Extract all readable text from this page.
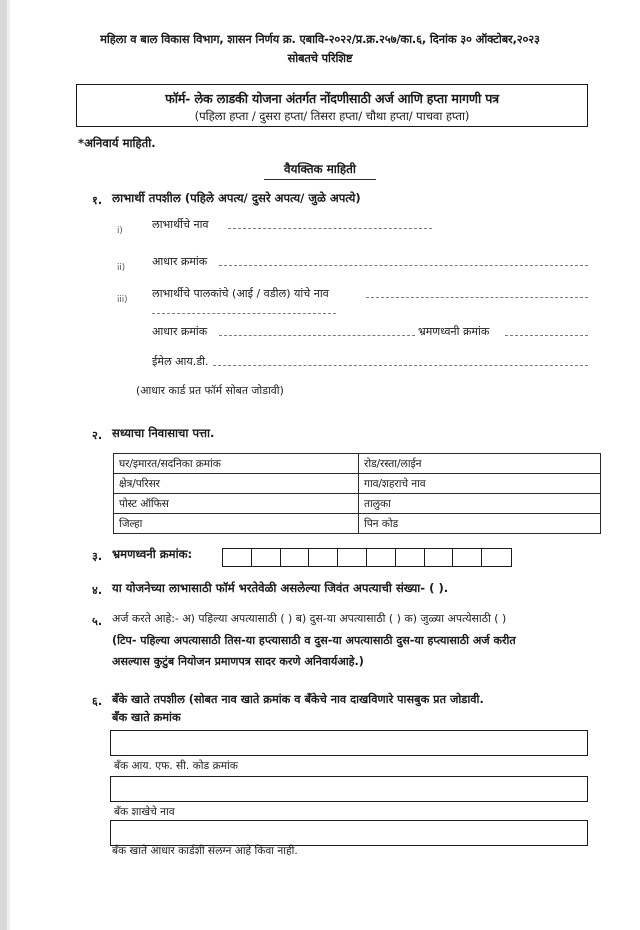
महिला व बाल विकास विभाग, शासन निर्णय क्र. एबावि-२०२२/प्र.क्र.२५७/का.६, दिनांक ३० ऑक्टोबर,२०२३
सोबतचे परिशिष्ट
फॉर्म- लेक लाडकी योजना अंतर्गत नोंदणीसाठी अर्ज आणि हप्ता मागणी पत्र
(पहिला हप्ता / दुसरा हप्ता/ तिसरा हप्ता/ चौथा हप्ता/ पाचवा हप्ता)
*अनिवार्य माहिती.
वैयक्तिक माहिती
१. लाभार्थी तपशील (पहिले अपत्य/ दुसरे अपत्य/ जुळे अपत्ये)
i)	लाभार्थीचे नाव
ii) आधार क्रमांक
iii) लाभार्थीचे पालकांचे (आई / वडील) यांचे नाव
आधार क्रमांक	भ्रमणध्वनी क्रमांक
ईमेल आय.डी.
(आधार कार्ड प्रत फॉर्म सोबत जोडावी)
२. सध्याचा निवासाचा पत्ता.
घर/इमारत/सदनिका क्रमांक	रोड/रस्ता/लाईन
क्षेत्र/परिसर	गाव/शहराचे नाव
पोस्ट ऑफिस	तालुका
जिल्हा	पिन कोड
३. भ्रमणध्वनी क्रमांक:
४. या योजनेच्या लाभासाठी फॉर्म भरतेवेळी असलेल्या जिवंत अपत्याची संख्या- ( ).
५. अर्ज करते आहे:- अ) पहिल्या अपत्यासाठी ( ) ब) दुस-या अपत्यासाठी ( ) क) जुळ्या अपत्येसाठी ( )
(टिप- पहिल्या अपत्यासाठी तिस-या हप्त्यासाठी व दुस-या अपत्यासाठी दुस-या हप्त्यासाठी अर्ज करीत
असल्यास कुटुंब नियोजन प्रमाणपत्र सादर करणे अनिवार्यआहे.)
६. बँके खाते तपशील (सोबत नाव खाते क्रमांक व बँकेचे नाव दाखविणारे पासबुक प्रत जोडावी.
बँक खाते क्रमांक
बँक आय. एफ. सी. कोड क्रमांक
बँक शाखेचे नाव
बँक खाते आधार कार्डशी संलग्न आहे किंवा नाही.
